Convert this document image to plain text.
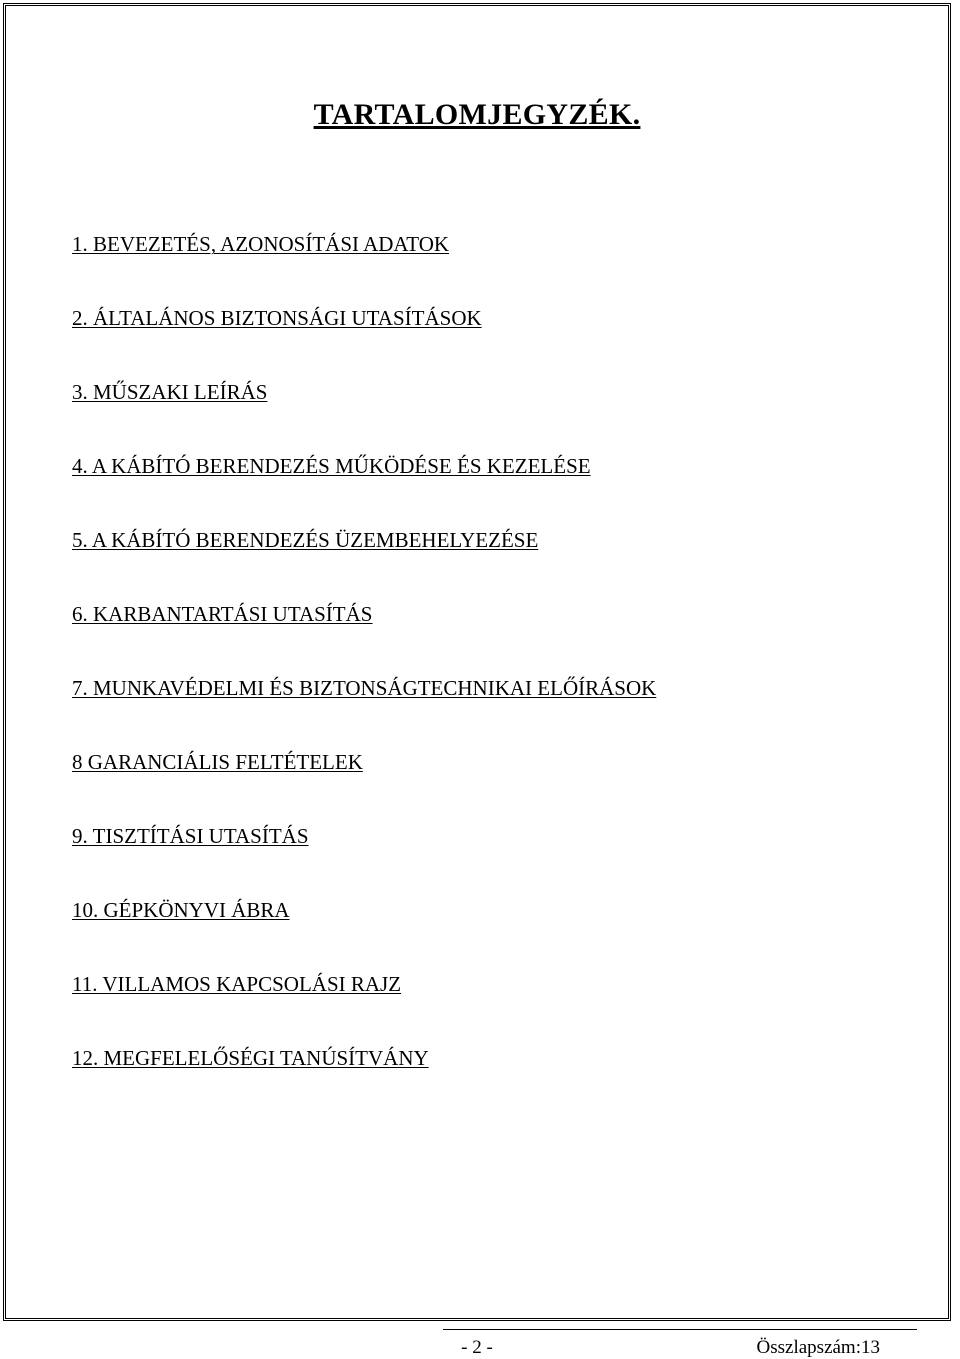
TARTALOMJEGYZÉK.
1. BEVEZETÉS, AZONOSÍTÁSI ADATOK
2. ÁLTALÁNOS BIZTONSÁGI UTASÍTÁSOK
3. MŰSZAKI LEÍRÁS
4. A KÁBÍTÓ BERENDEZÉS MŰKÖDÉSE ÉS KEZELÉSE
5. A KÁBÍTÓ BERENDEZÉS ÜZEMBEHELYEZÉSE
6. KARBANTARTÁSI UTASÍTÁS
7. MUNKAVÉDELMI ÉS BIZTONSÁGTECHNIKAI ELŐÍRÁSOK
8 GARANCIÁLIS FELTÉTELEK
9. TISZTÍTÁSI UTASÍTÁS
10. GÉPKÖNYVI ÁBRA
11. VILLAMOS KAPCSOLÁSI RAJZ
12. MEGFELELŐSÉGI TANÚSÍTVÁNY
- 2 -	Összlapszám:13
